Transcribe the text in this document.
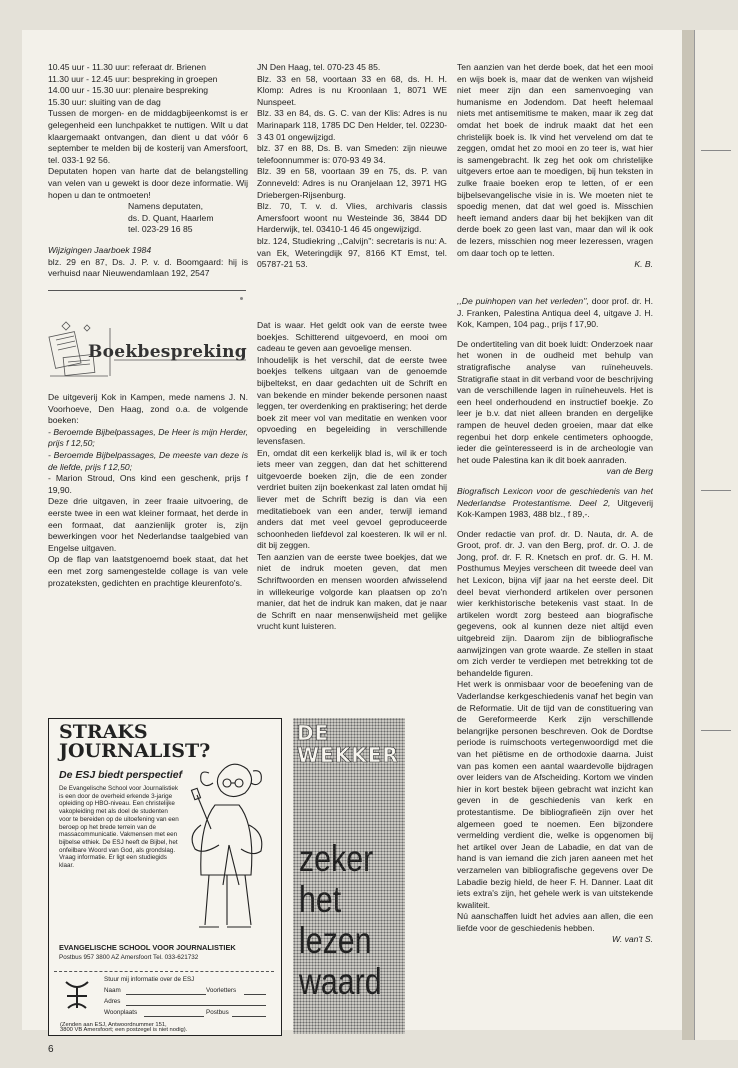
10.45 uur - 11.30 uur: referaat dr. Brienen

11.30 uur - 12.45 uur: bespreking in groepen

14.00 uur - 15.30 uur: plenaire bespreking

15.30 uur: sluiting van de dag

Tussen de morgen- en de middagbijeenkomst is er gelegenheid een lunchpakket te nuttigen. Wilt u dat klaargemaakt ontvangen, dan dient u dat vóór 6 september te melden bij de kosterij van Amersfoort, tel. 033-1 92 56.

Deputaten hopen van harte dat de belangstelling van velen van u gewekt is door deze informatie. Wij hopen u dan te ontmoeten!

Namens deputaten,

ds. D. Quant, Haarlem

tel. 023-29 16 85

Wijzigingen Jaarboek 1984

blz. 29 en 87, Ds. J. P. v. d. Boomgaard: hij is verhuisd naar Nieuwendamlaan 192, 2547

JN Den Haag, tel. 070-23 45 85.

Blz. 33 en 58, voortaan 33 en 68, ds. H. H. Klomp: Adres is nu Kroonlaan 1, 8071 WE Nunspeet.

Blz. 33 en 84, ds. G. C. van der Klis: Adres is nu Marinapark 118, 1785 DC Den Helder, tel. 02230-3 43 01 ongewijzigd.

blz. 37 en 88, Ds. B. van Smeden: zijn nieuwe telefoonnummer is: 070-93 49 34.

Blz. 39 en 58, voortaan 39 en 75, ds. P. van Zonneveld: Adres is nu Oranjelaan 12, 3971 HG Driebergen-Rijsenburg.

Blz. 70, T. v. d. Vlies, archivaris classis Amersfoort woont nu Westeinde 36, 3844 DD Harderwijk, tel. 03410-1 46 45 ongewijzigd.

blz. 124, Studiekring ,,Calvijn'': secretaris is nu: A. van Ek, Weteringdijk 97, 8166 KT Emst, tel. 05787-21 53.

Ten aanzien van het derde boek, dat het een mooi en wijs boek is, maar dat de wenken van wijsheid niet meer zijn dan een samenvoeging van humanisme en Jodendom. Dat heeft helemaal niets met antisemitisme te maken, maar ik zeg dat omdat het boek de indruk maakt dat het een christelijk boek is. Ik vind het vervelend om dat te zeggen, omdat het zo mooi en zo teer is, wat hier is samengebracht. Ik zeg het ook om christelijke uitgevers ertoe aan te moedigen, bij hun teksten in zulke fraaie boeken erop te letten, of er een bijbelsevangelische visie in is. We moeten niet te spoedig menen, dat dat wel goed is. Misschien heeft iemand anders daar bij het bekijken van dit derde boek zo geen last van, maar dan wil ik ook de lezers, misschien nog meer lezeressen, vragen om daar toch op te letten.

K. B.

Boekbespreking

De uitgeverij Kok in Kampen, mede namens J. N. Voorhoeve, Den Haag, zond o.a. de volgende boeken:

- Beroemde Bijbelpassages, De Heer is mijn Herder, prijs f 12,50;

- Beroemde Bijbelpassages, De meeste van deze is de liefde, prijs f 12,50;

- Marion Stroud, Ons kind een geschenk, prijs f 19,90.

Deze drie uitgaven, in zeer fraaie uitvoering, de eerste twee in een wat kleiner formaat, het derde in een formaat, dat aanzienlijk groter is, zijn bewerkingen voor het Nederlandse taalgebied van Engelse uitgaven.

Op de flap van laatstgenoemd boek staat, dat het een met zorg samengestelde collage is van vele prozateksten, gedichten en prachtige kleurenfoto's.

Dat is waar. Het geldt ook van de eerste twee boekjes. Schitterend uitgevoerd, en mooi om cadeau te geven aan gevoelige mensen.

Inhoudelijk is het verschil, dat de eerste twee boekjes telkens uitgaan van de genoemde bijbeltekst, en daar gedachten uit de Schrift en van bekende en minder bekende personen naast leggen, ter overdenking en praktisering; het derde boek zit meer vol van meditatie en wenken voor opvoeding en begeleiding in verschillende levensfasen.

En, omdat dit een kerkelijk blad is, wil ik er toch iets meer van zeggen, dan dat het schitterend uitgevoerde boeken zijn, die de een zonder verdriet buiten zijn boekenkast zal laten omdat hij liever met de Schrift bezig is dan via een meditatieboek van een ander, terwijl iemand anders dat met veel gevoel geproduceerde schoonheden liefdevol zal koesteren. Ik wil er nl. dit bij zeggen.

Ten aanzien van de eerste twee boekjes, dat we niet de indruk moeten geven, dat men Schriftwoorden en mensen woorden afwisselend in willekeurige volgorde kan plaatsen op zo'n manier, dat het de indruk kan maken, dat je naar de Schrift en naar mensenwijsheid met gelijke vrucht kunt luisteren.

,,De puinhopen van het verleden'', door prof. dr. H. J. Franken, Palestina Antiqua deel 4, uitgave J. H. Kok, Kampen, 104 pag., prijs f 17,90.

De ondertiteling van dit boek luidt: Onderzoek naar het wonen in de oudheid met behulp van stratigrafische analyse van ruïneheuvels. Stratigrafie staat in dit verband voor de beschrijving van de verschillende lagen in ruïneheuvels. Het is een heel onderhoudend en instructief boekje. Zo leer je b.v. dat niet alleen branden en dergelijke rampen de heuvel deden groeien, maar dat elke regenbui het dorp enkele centimeters ophoogde, ieder die geïnteresseerd is in de archeologie van het oude Palestina kan ik dit boek aanraden.

van de Berg

Biografisch Lexicon voor de geschiedenis van het Nederlandse Protestantisme. Deel 2, Uitgeverij Kok-Kampen 1983, 488 blz., f 89,-.

Onder redactie van prof. dr. D. Nauta, dr. A. de Groot, prof. dr. J. van den Berg, prof. dr. O. J. de Jong, prof. dr. F. R. Knetsch en prof. dr. G. H. M. Posthumus Meyjes verscheen dit tweede deel van het Lexicon, bijna vijf jaar na het eerste deel. Dit deel bevat vierhonderd artikelen over personen wier kerkhistorische betekenis vast staat. In de artikelen wordt zorg besteed aan biografische gegevens, ook al kunnen deze niet altijd even uitgebreid zijn. Daarom zijn de bibliografische aanwijzingen van grote waarde. Ze stellen in staat om zich verder te verdiepen met betrekking tot de behandelde figuren.

Het werk is onmisbaar voor de beoefening van de Vaderlandse kerkgeschiedenis vanaf het begin van de Reformatie. Uit de tijd van de constituering van de Gereformeerde Kerk zijn verschillende belangrijke personen beschreven. Ook de Dordtse periode is ruimschoots vertegenwoordigd met die van het piëtisme en de orthodoxie daarna. Juist van pas komen een aantal waardevolle bijdragen over leiders van de Afscheiding. Kortom we vinden hier in kort bestek bijeen gebracht wat inzicht kan geven in de geschiedenis van kerk en protestantisme. De bibliografieën zijn over het algemeen goed te noemen. Een bijzondere vermelding verdient die, welke is opgenomen bij het artikel over Jean de Labadie, en dat van de hand is van iemand die zich jaren aaneen met het verzamelen van bibliografische gegevens over De Labadie bezig hield, de heer F. H. Danner. Laat dit iets extra's zijn, het gehele werk is van uitstekende kwaliteit.

Nú aanschaffen luidt het advies aan allen, die een liefde voor de geschiedenis hebben.

W. van't S.

STRAKS
JOURNALIST?
De ESJ biedt perspectief
De Evangelische School voor Journalistiek is een door de overheid erkende 3-jarige opleiding op HBO-niveau. Een christelijke vakopleiding met als doel de studenten voor te bereiden op de uitoefening van een beroep op het brede terrein van de massacommunicatie. Vakmensen met een bijbelse ethiek. De ESJ heeft de Bijbel, het onfeilbare Woord van God, als grondslag. Vraag informatie. Er ligt een studiegids klaar.
EVANGELISCHE SCHOOL VOOR JOURNALISTIEK
Postbus 957 3800 AZ Amersfoort Tel. 033-621732
Stuur mij informatie over de ESJ
Naam	Voorletters
Adres
Woonplaats	Postbus
(Zenden aan ESJ, Antwoordnummer 151,
3800 VB Amersfoort; een postzegel is niet nodig).
DE WEKKER
zeker
het
lezen
waard
6
